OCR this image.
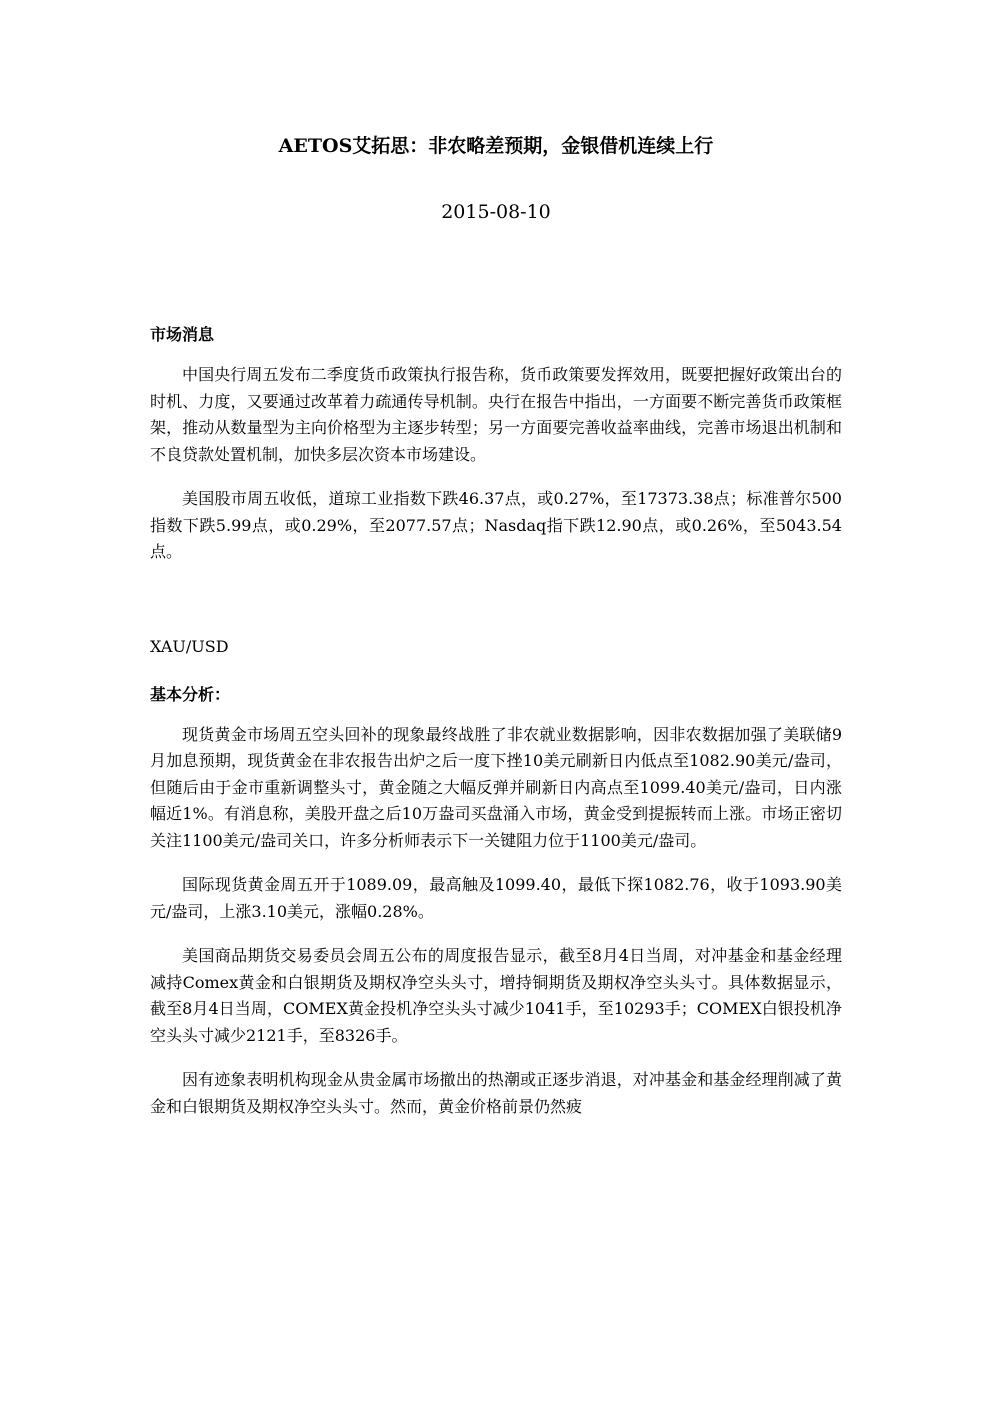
AETOS艾拓思：非农略差预期，金银借机连续上行
2015-08-10
市场消息

中国央行周五发布二季度货币政策执行报告称，货币政策要发挥效用，既要把握好政策出台的时机、力度，又要通过改革着力疏通传导机制。央行在报告中指出，一方面要不断完善货币政策框架，推动从数量型为主向价格型为主逐步转型；另一方面要完善收益率曲线，完善市场退出机制和不良贷款处置机制，加快多层次资本市场建设。

美国股市周五收低，道琼工业指数下跌46.37点，或0.27%，至17373.38点；标准普尔500指数下跌5.99点，或0.29%，至2077.57点；Nasdaq指下跌12.90点，或0.26%，至5043.54点。

XAU/USD
基本分析：

现货黄金市场周五空头回补的现象最终战胜了非农就业数据影响，因非农数据加强了美联储9月加息预期，现货黄金在非农报告出炉之后一度下挫10美元刷新日内低点至1082.90美元/盎司，但随后由于金市重新调整头寸，黄金随之大幅反弹并刷新日内高点至1099.40美元/盎司，日内涨幅近1%。有消息称，美股开盘之后10万盎司买盘涌入市场，黄金受到提振转而上涨。市场正密切关注1100美元/盎司关口，许多分析师表示下一关键阻力位于1100美元/盎司。

国际现货黄金周五开于1089.09，最高触及1099.40，最低下探1082.76，收于1093.90美元/盎司，上涨3.10美元，涨幅0.28%。

美国商品期货交易委员会周五公布的周度报告显示，截至8月4日当周，对冲基金和基金经理减持Comex黄金和白银期货及期权净空头头寸，增持铜期货及期权净空头头寸。具体数据显示，截至8月4日当周，COMEX黄金投机净空头头寸减少1041手，至10293手；COMEX白银投机净空头头寸减少2121手，至8326手。

因有迹象表明机构现金从贵金属市场撤出的热潮或正逐步消退，对冲基金和基金经理削减了黄金和白银期货及期权净空头头寸。然而，黄金价格前景仍然疲
